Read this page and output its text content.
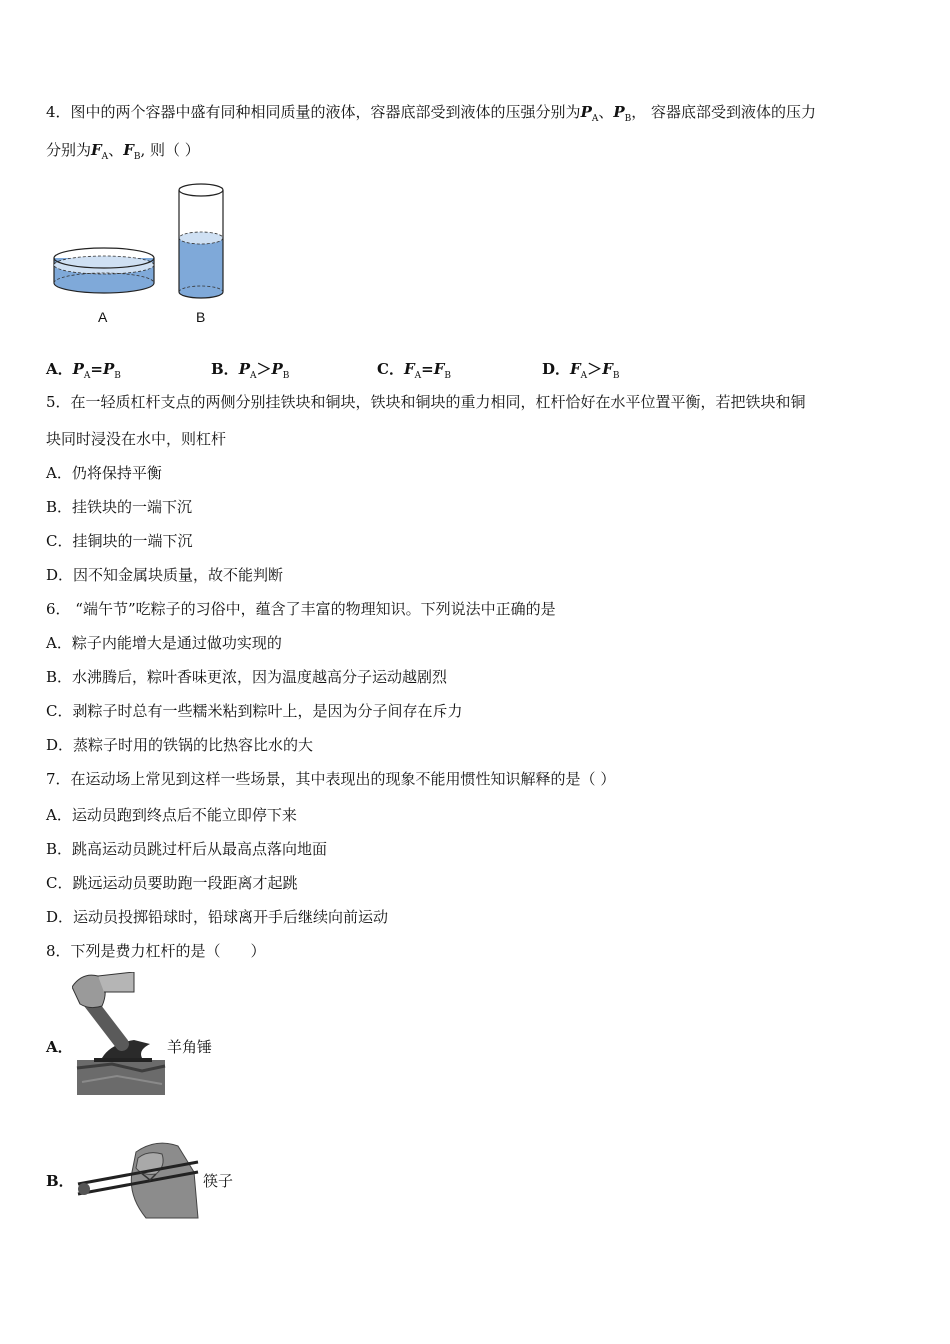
4．图中的两个容器中盛有同种相同质量的液体，容器底部受到液体的压强分别为$P_A$、$P_B$， 容器底部受到液体的压力
分别为$F_A$、$F_B$, 则（ ）
A	B
A．$P_A=P_B$	B．$P_A>P_B$	C．$F_A=F_B$	D．$F_A>F_B$
5．在一轻质杠杆支点的两侧分别挂铁块和铜块，铁块和铜块的重力相同，杠杆恰好在水平位置平衡，若把铁块和铜
块同时浸没在水中，则杠杆
A．仍将保持平衡
B．挂铁块的一端下沉
C．挂铜块的一端下沉
D．因不知金属块质量，故不能判断
6． “端午节”吃粽子的习俗中，蕴含了丰富的物理知识。下列说法中正确的是
A．粽子内能增大是通过做功实现的
B．水沸腾后，粽叶香味更浓，因为温度越高分子运动越剧烈
C．剥粽子时总有一些糯米粘到粽叶上，是因为分子间存在斥力
D．蒸粽子时用的铁锅的比热容比水的大
7．在运动场上常见到这样一些场景，其中表现出的现象不能用惯性知识解释的是（ ）
A．运动员跑到终点后不能立即停下来
B．跳高运动员跳过杆后从最高点落向地面
C．跳远运动员要助跑一段距离才起跳
D．运动员投掷铅球时，铅球离开手后继续向前运动
8．下列是费力杠杆的是（　　）
A．	羊角锤
B．	筷子
